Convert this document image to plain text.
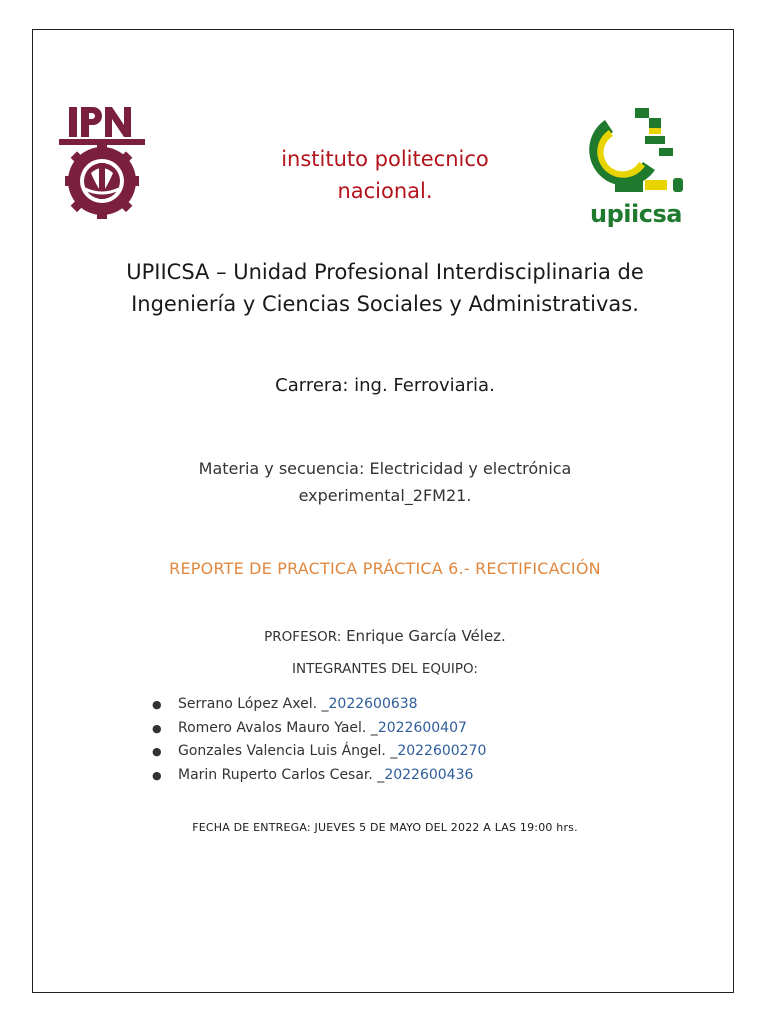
instituto politecnico
nacional.
upiicsa
UPIICSA – Unidad Profesional Interdisciplinaria de
Ingeniería y Ciencias Sociales y Administrativas.
Carrera: ing. Ferroviaria.
Materia y secuencia: Electricidad y electrónica
experimental_2FM21.
REPORTE DE PRACTICA PRÁCTICA 6.- RECTIFICACIÓN
PROFESOR: Enrique García Vélez.
INTEGRANTES DEL EQUIPO:
● Serrano López Axel. _2022600638
● Romero Avalos Mauro Yael. _2022600407
● Gonzales Valencia Luis Ángel. _2022600270
● Marin Ruperto Carlos Cesar. _2022600436
FECHA DE ENTREGA: JUEVES 5 DE MAYO DEL 2022 A LAS 19:00 hrs.
